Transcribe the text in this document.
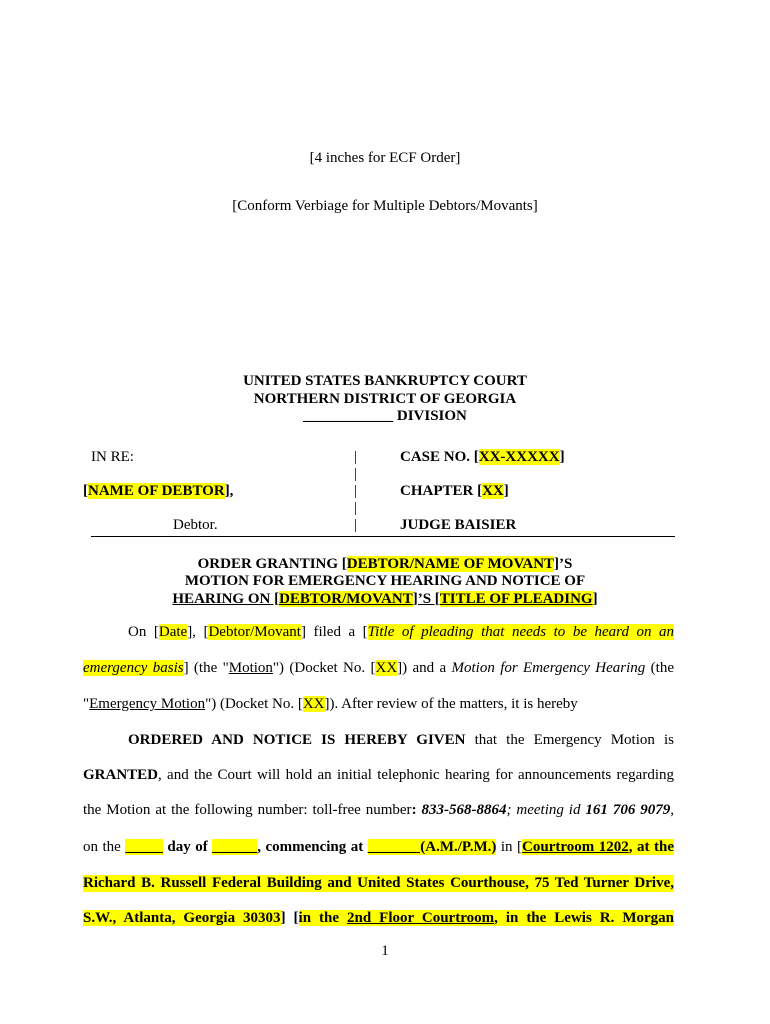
[4 inches for ECF Order]
[Conform Verbiage for Multiple Debtors/Movants]
UNITED STATES BANKRUPTCY COURT
NORTHERN DISTRICT OF GEORGIA
____________ DIVISION
IN RE:
[NAME OF DEBTOR],
Debtor.
|
|
|
|
|
CASE NO. [XX-XXXXX]
CHAPTER [XX]
JUDGE BAISIER
ORDER GRANTING [DEBTOR/NAME OF MOVANT]’S
MOTION FOR EMERGENCY HEARING AND NOTICE OF
HEARING ON [DEBTOR/MOVANT]’S [TITLE OF PLEADING]
On [Date], [Debtor/Movant] filed a [Title of pleading that needs to be heard on an
emergency basis] (the "Motion") (Docket No. [XX]) and a Motion for Emergency Hearing (the
"Emergency Motion") (Docket No. [XX]). After review of the matters, it is hereby
ORDERED AND NOTICE IS HEREBY GIVEN that the Emergency Motion is
GRANTED, and the Court will hold an initial telephonic hearing for announcements regarding
the Motion at the following number: toll-free number: 833-568-8864; meeting id 161 706 9079,
on the _____ day of ______, commencing at _______(A.M./P.M.) in [Courtroom 1202, at the
Richard B. Russell Federal Building and United States Courthouse, 75 Ted Turner Drive,
S.W., Atlanta, Georgia 30303] [in the 2nd Floor Courtroom, in the Lewis R. Morgan
1
